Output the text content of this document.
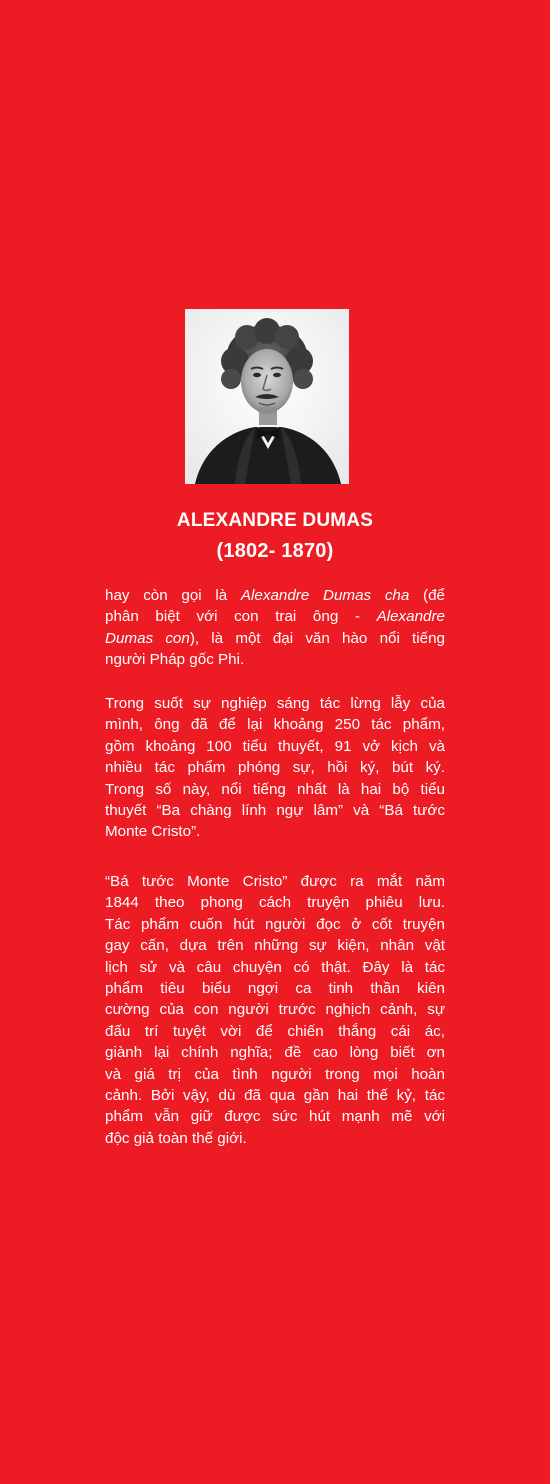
ALEXANDRE DUMAS
(1802- 1870)
hay còn gọi là Alexandre Dumas cha (để
phân biệt với con trai ông - Alexandre
Dumas con), là một đại văn hào nổi tiếng
người Pháp gốc Phi.
Trong suốt sự nghiệp sáng tác lừng lẫy của
mình, ông đã để lại khoảng 250 tác phẩm,
gồm khoảng 100 tiểu thuyết, 91 vở kịch và
nhiều tác phẩm phóng sự, hồi ký, bút ký.
Trong số này, nổi tiếng nhất là hai bộ tiểu
thuyết “Ba chàng lính ngự lâm” và “Bá tước
Monte Cristo”.
“Bá tước Monte Cristo” được ra mắt năm
1844 theo phong cách truyện phiêu lưu.
Tác phẩm cuốn hút người đọc ở cốt truyện
gay cấn, dựa trên những sự kiện, nhân vật
lịch sử và câu chuyện có thật. Đây là tác
phẩm tiêu biểu ngợi ca tinh thần kiên
cường của con người trước nghịch cảnh, sự
đấu trí tuyệt vời để chiến thắng cái ác,
giành lại chính nghĩa; đề cao lòng biết ơn
và giá trị của tình người trong mọi hoàn
cảnh. Bởi vậy, dù đã qua gần hai thế kỷ, tác
phẩm vẫn giữ được sức hút mạnh mẽ với
độc giả toàn thế giới.
